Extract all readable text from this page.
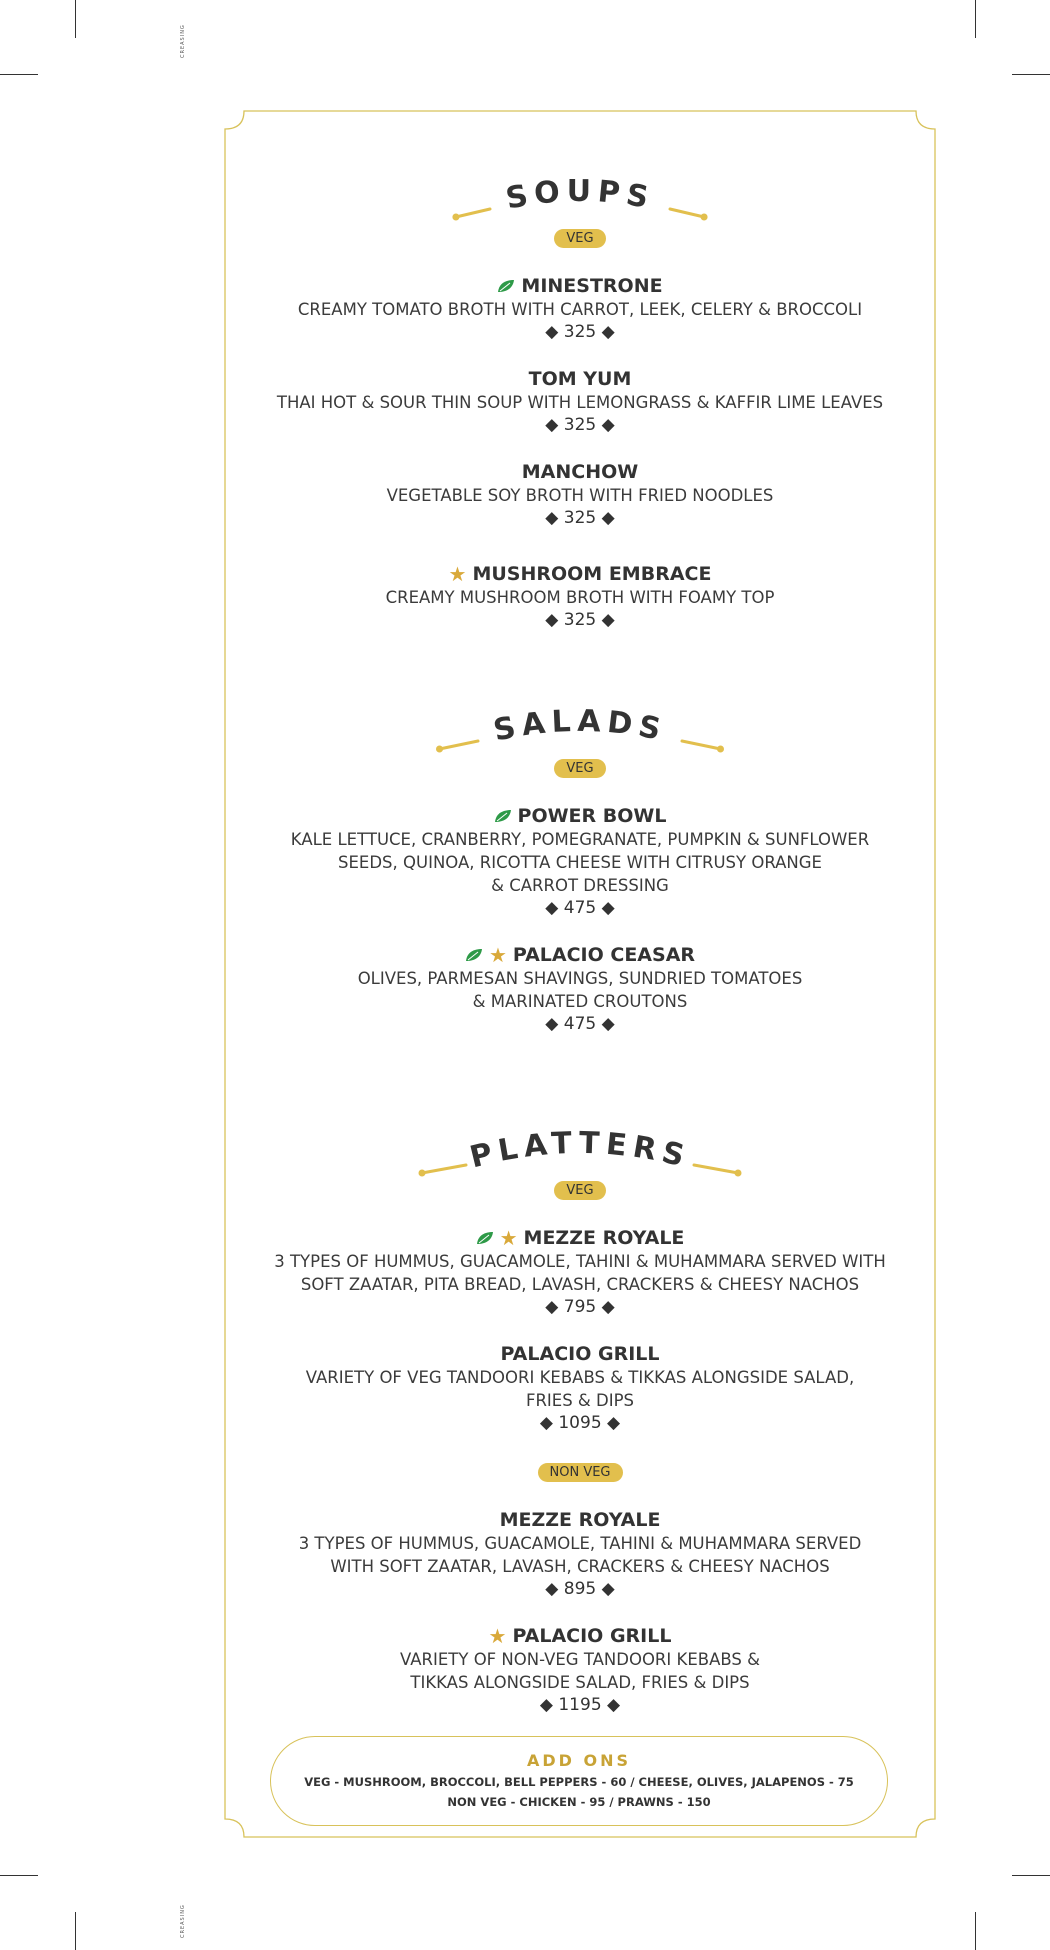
CREASING
CREASING
SOUPS
VEG
MINESTRONE
CREAMY TOMATO BROTH WITH CARROT, LEEK, CELERY & BROCCOLI
◆ 325 ◆
TOM YUM
THAI HOT & SOUR THIN SOUP WITH LEMONGRASS & KAFFIR LIME LEAVES
◆ 325 ◆
MANCHOW
VEGETABLE SOY BROTH WITH FRIED NOODLES
◆ 325 ◆
★ MUSHROOM EMBRACE
CREAMY MUSHROOM BROTH WITH FOAMY TOP
◆ 325 ◆
SALADS
VEG
POWER BOWL
KALE LETTUCE, CRANBERRY, POMEGRANATE, PUMPKIN & SUNFLOWER
SEEDS, QUINOA, RICOTTA CHEESE WITH CITRUSY ORANGE
& CARROT DRESSING
◆ 475 ◆
★ PALACIO CEASAR
OLIVES, PARMESAN SHAVINGS, SUNDRIED TOMATOES
& MARINATED CROUTONS
◆ 475 ◆
PLATTERS
VEG
★ MEZZE ROYALE
3 TYPES OF HUMMUS, GUACAMOLE, TAHINI & MUHAMMARA SERVED WITH
SOFT ZAATAR, PITA BREAD, LAVASH, CRACKERS & CHEESY NACHOS
◆ 795 ◆
PALACIO GRILL
VARIETY OF VEG TANDOORI KEBABS & TIKKAS ALONGSIDE SALAD,
FRIES & DIPS
◆ 1095 ◆
NON VEG
MEZZE ROYALE
3 TYPES OF HUMMUS, GUACAMOLE, TAHINI & MUHAMMARA SERVED
WITH SOFT ZAATAR, LAVASH, CRACKERS & CHEESY NACHOS
◆ 895 ◆
★ PALACIO GRILL
VARIETY OF NON-VEG TANDOORI KEBABS &
TIKKAS ALONGSIDE SALAD, FRIES & DIPS
◆ 1195 ◆
ADD ONS
VEG - MUSHROOM, BROCCOLI, BELL PEPPERS - 60 / CHEESE, OLIVES, JALAPENOS - 75
NON VEG - CHICKEN - 95 / PRAWNS - 150
